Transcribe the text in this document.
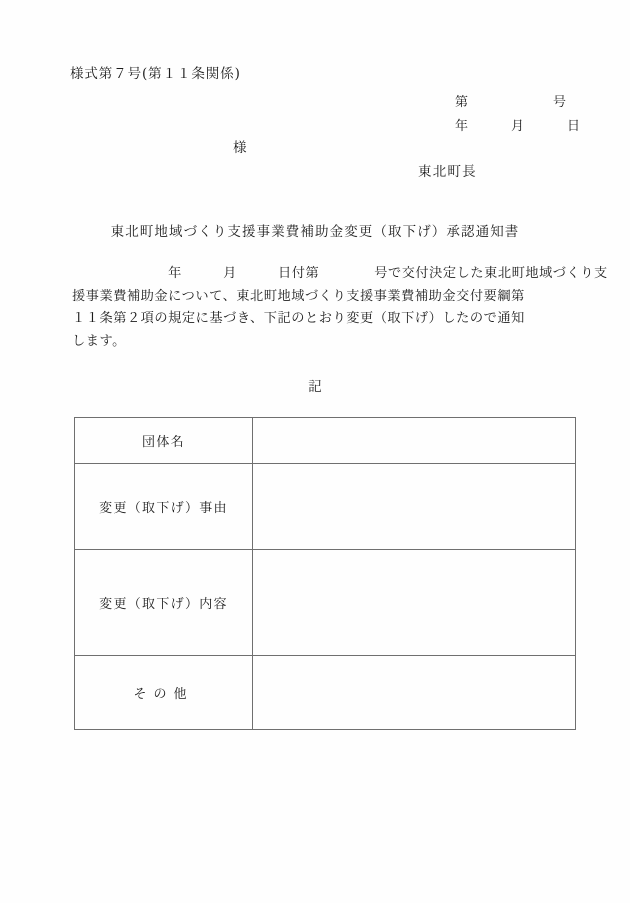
様式第７号(第１１条関係)
第　　　　　　号
年　　　月　　　日
様
東北町長
東北町地域づくり支援事業費補助金変更（取下げ）承認通知書
　　　　　　　年　　　月　　　日付第　　　　号で交付決定した東北町地域づくり支
援事業費補助金について、東北町地域づくり支援事業費補助金交付要綱第
１１条第２項の規定に基づき、下記のとおり変更（取下げ）したので通知
します。
記
団体名	
変更（取下げ）事由	
変更（取下げ）内容	
その他	
